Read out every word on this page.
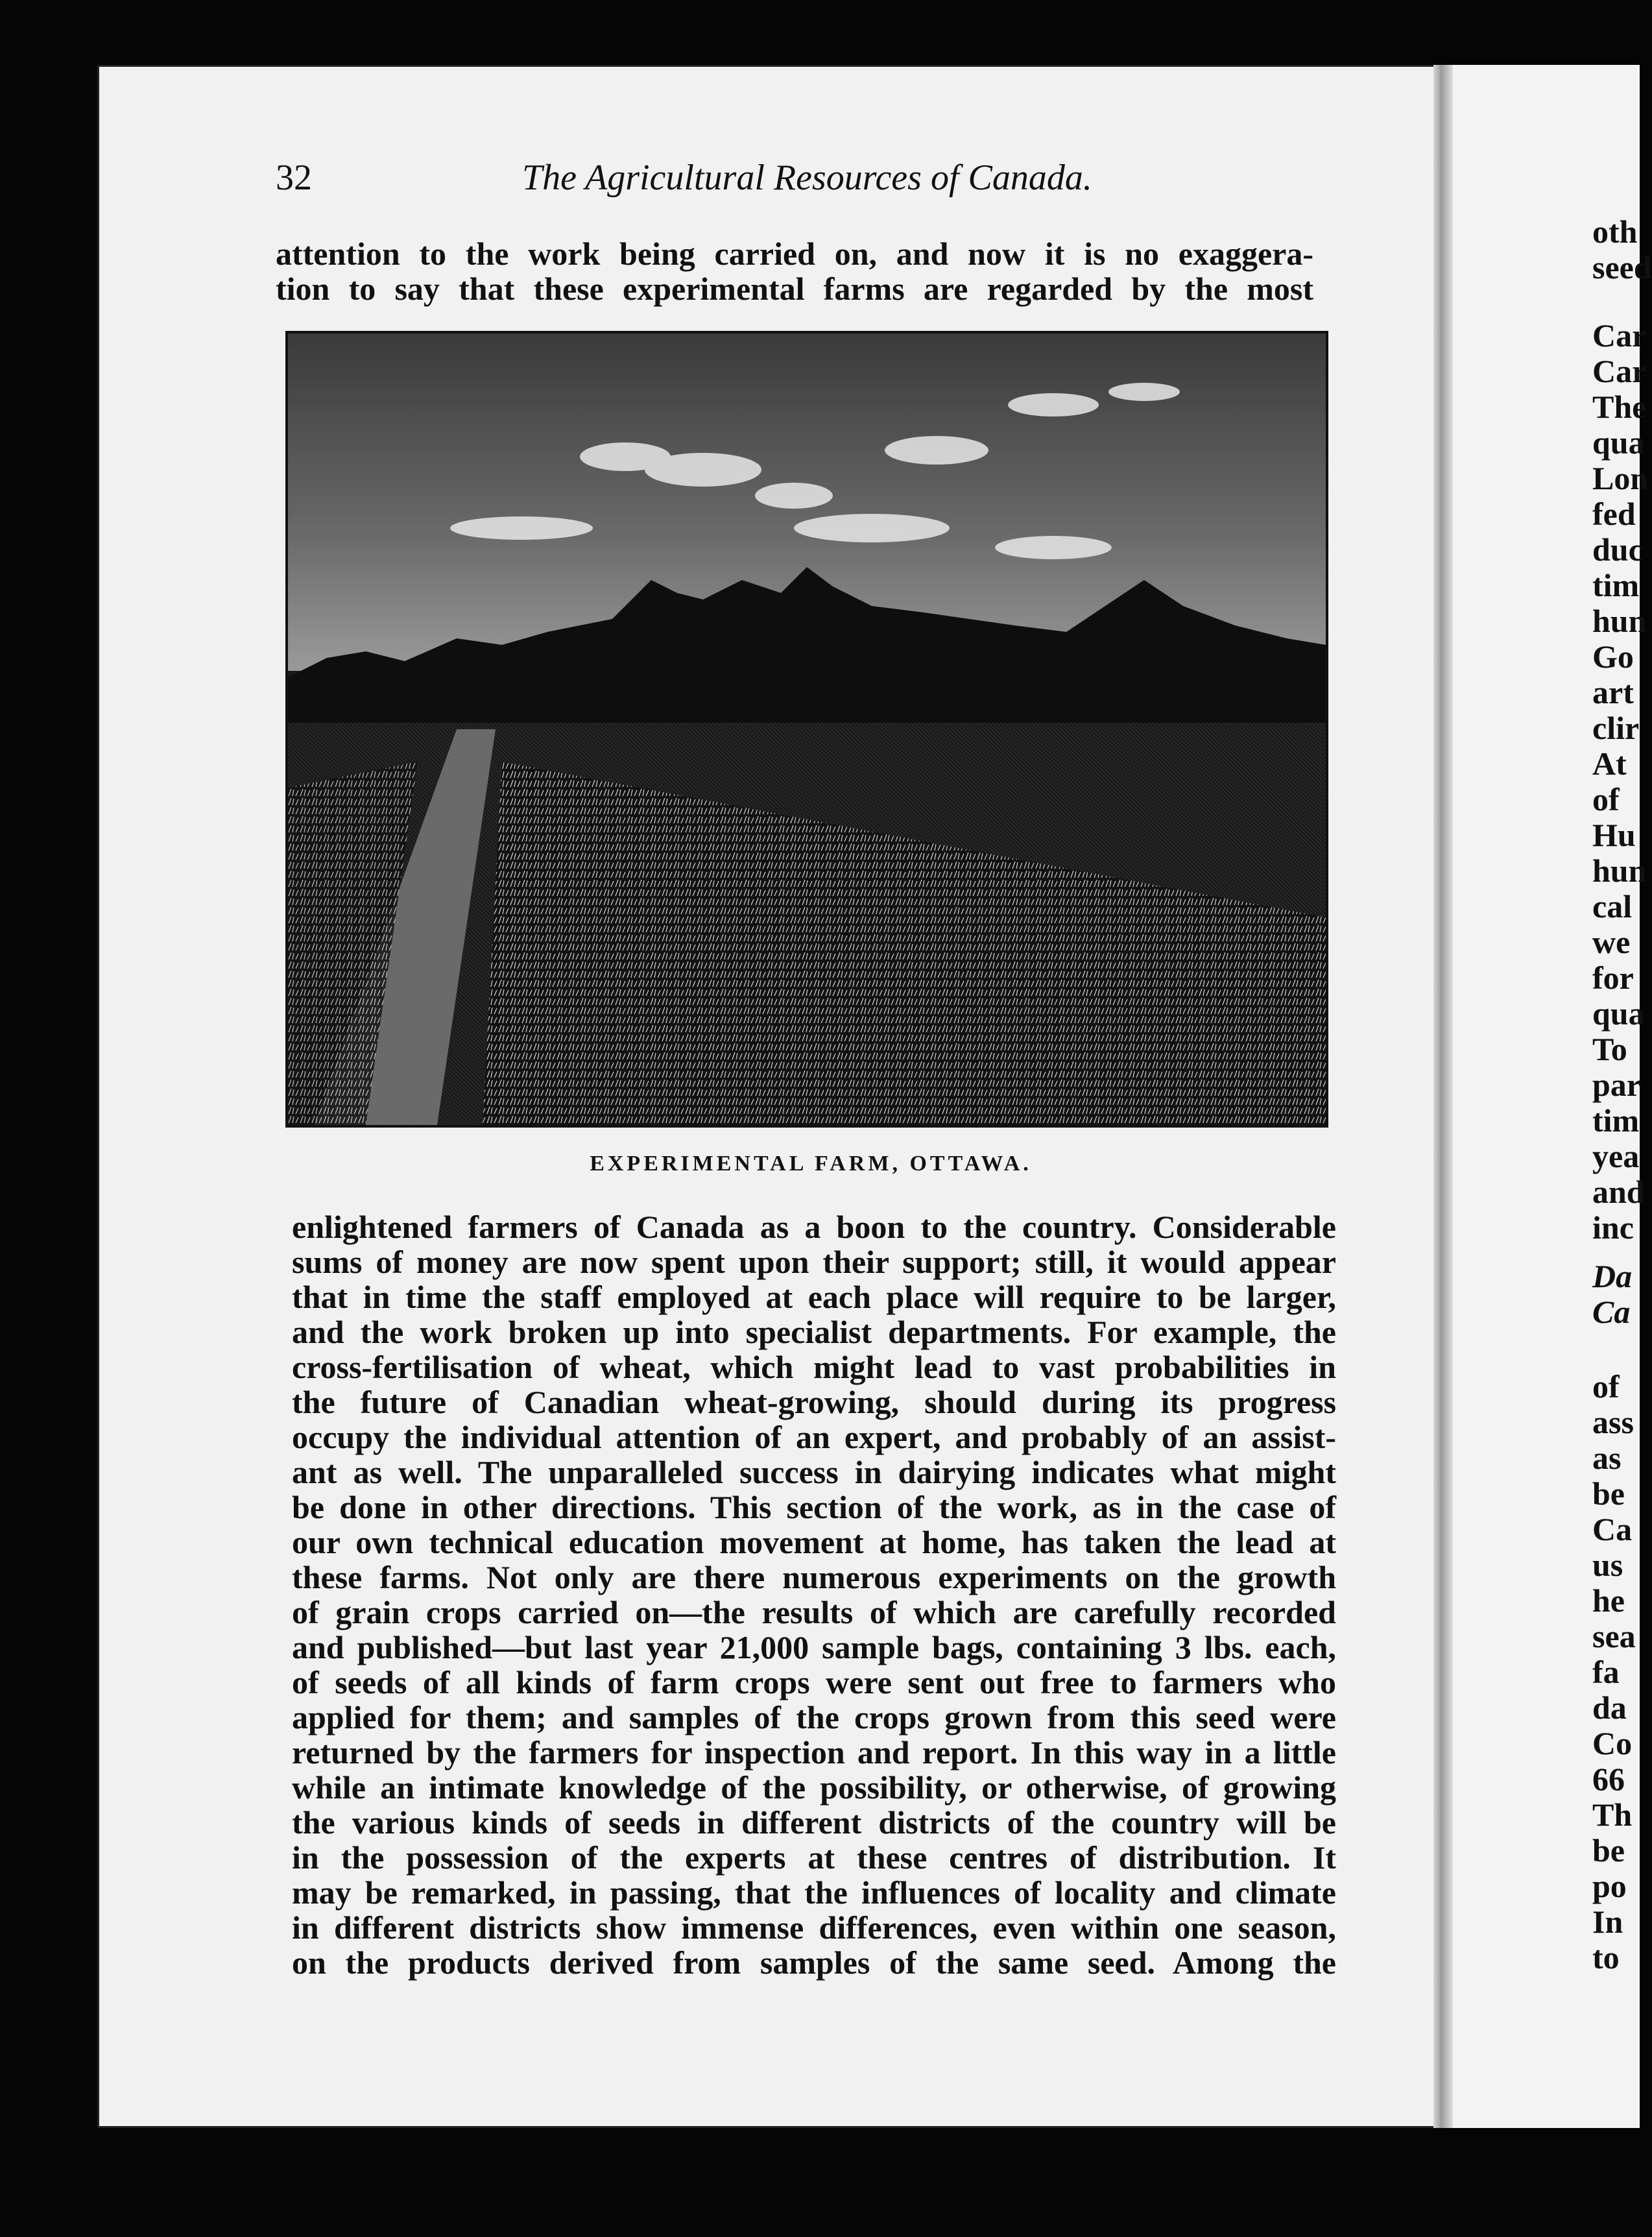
32	The Agricultural Resources of Canada.
attention to the work being carried on, and now it is no exaggera-
tion to say that these experimental farms are regarded by the most
EXPERIMENTAL FARM, OTTAWA.
enlightened farmers of Canada as a boon to the country. Considerable
sums of money are now spent upon their support; still, it would appear
that in time the staff employed at each place will require to be larger,
and the work broken up into specialist departments. For example, the
cross-fertilisation of wheat, which might lead to vast probabilities in
the future of Canadian wheat-growing, should during its progress
occupy the individual attention of an expert, and probably of an assist-
ant as well. The unparalleled success in dairying indicates what might
be done in other directions. This section of the work, as in the case of
our own technical education movement at home, has taken the lead at
these farms. Not only are there numerous experiments on the growth
of grain crops carried on—the results of which are carefully recorded
and published—but last year 21,000 sample bags, containing 3 lbs. each,
of seeds of all kinds of farm crops were sent out free to farmers who
applied for them; and samples of the crops grown from this seed were
returned by the farmers for inspection and report. In this way in a little
while an intimate knowledge of the possibility, or otherwise, of growing
the various kinds of seeds in different districts of the country will be
in the possession of the experts at these centres of distribution. It
may be remarked, in passing, that the influences of locality and climate
in different districts show immense differences, even within one season,
on the products derived from samples of the same seed. Among the
oth
seed
Car
Car
The
qua
Lon
fed
duc
tim
hun
Go
art
clir
At
of
Hu
hun
cal
we
for
qua
To
par
tim
yea
and
inc
Da
Ca
of
ass
as
be
Ca
us
he
sea
fa
da
Co
66
Th
be
po
In
to
